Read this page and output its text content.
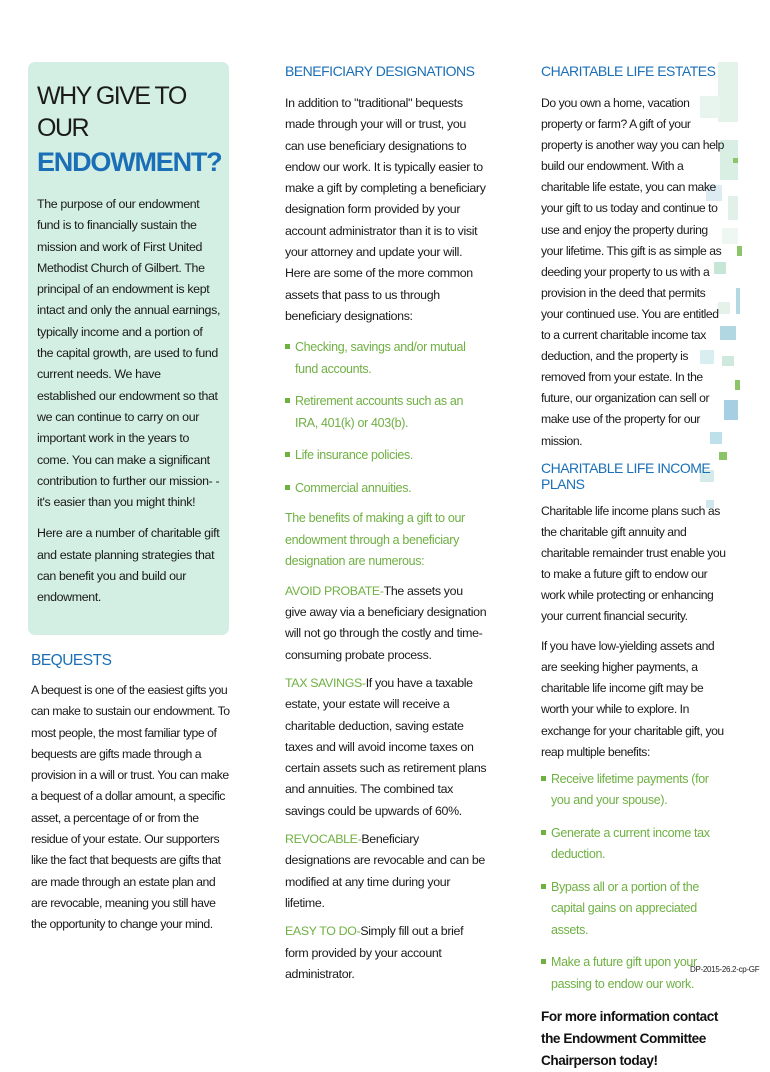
WHY GIVE TO OUR
ENDOWMENT?

The purpose of our endowment fund is to financially sustain the mission and work of First United Methodist Church of Gilbert. The principal of an endowment is kept intact and only the annual earnings, typically income and a portion of the capital growth, are used to fund current needs. We have established our endowment so that we can continue to carry on our important work in the years to come. You can make a significant contribution to further our mission- - it's easier than you might think!

Here are a number of charitable gift and estate planning strategies that can benefit you and build our endowment.

BEQUESTS

A bequest is one of the easiest gifts you can make to sustain our endowment. To most people, the most familiar type of bequests are gifts made through a provision in a will or trust. You can make a bequest of a dollar amount, a specific asset, a percentage of or from the residue of your estate. Our supporters like the fact that bequests are gifts that are made through an estate plan and are revocable, meaning you still have the opportunity to change your mind.

BENEFICIARY DESIGNATIONS

In addition to "traditional" bequests made through your will or trust, you can use beneficiary designations to endow our work. It is typically easier to make a gift by completing a beneficiary designation form provided by your account administrator than it is to visit your attorney and update your will. Here are some of the more common assets that pass to us through beneficiary designations:

Checking, savings and/or mutual fund accounts.
Retirement accounts such as an IRA, 401(k) or 403(b).
Life insurance policies.
Commercial annuities.

The benefits of making a gift to our endowment through a beneficiary designation are numerous:

AVOID PROBATE-The assets you give away via a beneficiary designation will not go through the costly and time-consuming probate process.

TAX SAVINGS-If you have a taxable estate, your estate will receive a charitable deduction, saving estate taxes and will avoid income taxes on certain assets such as retirement plans and annuities. The combined tax savings could be upwards of 60%.

REVOCABLE-Beneficiary designations are revocable and can be modified at any time during your lifetime.

EASY TO DO-Simply fill out a brief form provided by your account administrator.

CHARITABLE LIFE ESTATES

Do you own a home, vacation property or farm? A gift of your property is another way you can help build our endowment. With a charitable life estate, you can make your gift to us today and continue to use and enjoy the property during your lifetime. This gift is as simple as deeding your property to us with a provision in the deed that permits your continued use. You are entitled to a current charitable income tax deduction, and the property is removed from your estate. In the future, our organization can sell or make use of the property for our mission.

CHARITABLE LIFE INCOME PLANS

Charitable life income plans such as the charitable gift annuity and charitable remainder trust enable you to make a future gift to endow our work while protecting or enhancing your current financial security.

If you have low-yielding assets and are seeking higher payments, a charitable life income gift may be worth your while to explore. In exchange for your charitable gift, you reap multiple benefits:

Receive lifetime payments (for you and your spouse).
Generate a current income tax deduction.
Bypass all or a portion of the capital gains on appreciated assets.
Make a future gift upon your passing to endow our work.

For more information contact the Endowment Committee Chairperson today!

DP-2015-26.2-cp-GF
